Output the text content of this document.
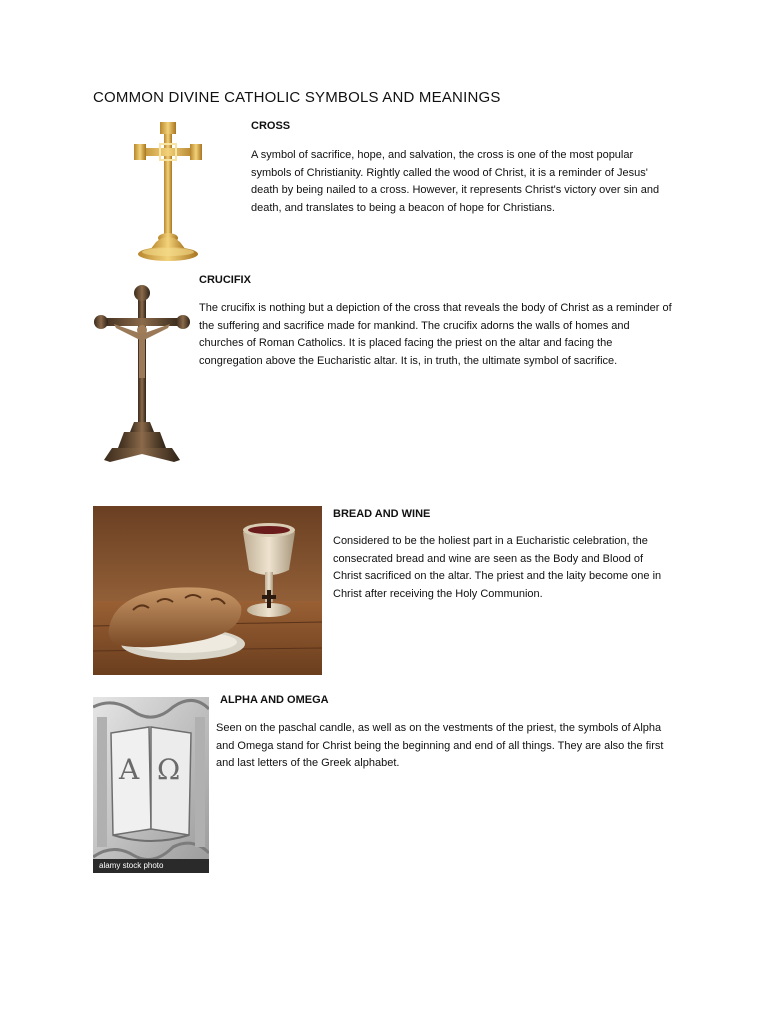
COMMON DIVINE CATHOLIC SYMBOLS AND MEANINGS
CROSS
A symbol of sacrifice, hope, and salvation, the cross is one of the most popular symbols of Christianity. Rightly called the wood of Christ, it is a reminder of Jesus' death by being nailed to a cross. However, it represents Christ's victory over sin and death, and translates to being a beacon of hope for Christians.
CRUCIFIX
The crucifix is nothing but a depiction of the cross that reveals the body of Christ as a reminder of the suffering and sacrifice made for mankind. The crucifix adorns the walls of homes and churches of Roman Catholics. It is placed facing the priest on the altar and facing the congregation above the Eucharistic altar. It is, in truth, the ultimate symbol of sacrifice.
BREAD AND WINE
Considered to be the holiest part in a Eucharistic celebration, the consecrated bread and wine are seen as the Body and Blood of Christ sacrificed on the altar. The priest and the laity become one in Christ after receiving the Holy Communion.
A Ω
alamy stock photo
ALPHA AND OMEGA
Seen on the paschal candle, as well as on the vestments of the priest, the symbols of Alpha and Omega stand for Christ being the beginning and end of all things. They are also the first and last letters of the Greek alphabet.
